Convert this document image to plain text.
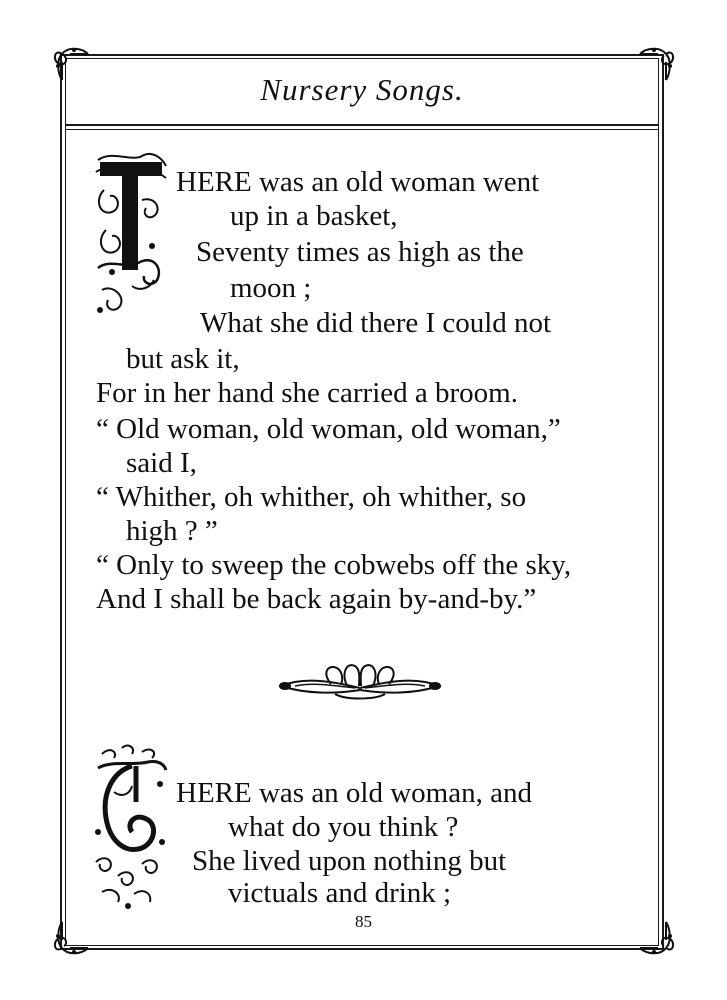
Nursery Songs.
HERE was an old woman went
up in a basket,
Seventy times as high as the
moon ;
What she did there I could not
but ask it,
For in her hand she carried a broom.
“ Old woman, old woman, old woman,”
said I,
“ Whither, oh whither, oh whither, so
high ? ”
“ Only to sweep the cobwebs off the sky,
And I shall be back again by-and-by.”
HERE was an old woman, and
what do you think ?
She lived upon nothing but
victuals and drink ;
85
